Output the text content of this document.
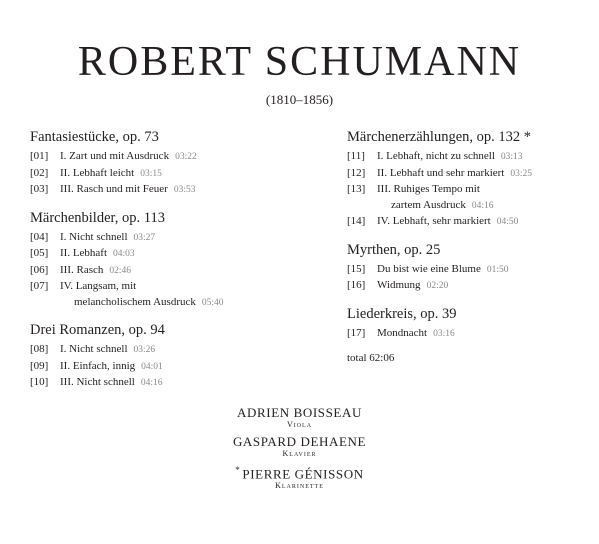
ROBERT SCHUMANN
(1810–1856)
Fantasiestücke, op. 73
[01]	I. Zart und mit Ausdruck 03:22
[02]	II. Lebhaft leicht 03:15
[03]	III. Rasch und mit Feuer 03:53
Märchenbilder, op. 113
[04]	I. Nicht schnell 03:27
[05]	II. Lebhaft 04:03
[06]	III. Rasch 02:46
[07]	IV. Langsam, mit
melancholischem Ausdruck 05:40
Drei Romanzen, op. 94
[08]	I. Nicht schnell 03:26
[09]	II. Einfach, innig 04:01
[10]	III. Nicht schnell 04:16
Märchenerzählungen, op. 132 *
[11]	I. Lebhaft, nicht zu schnell 03:13
[12]	II. Lebhaft und sehr markiert 03:25
[13]	III. Ruhiges Tempo mit
zartem Ausdruck 04:16
[14]	IV. Lebhaft, sehr markiert 04:50
Myrthen, op. 25
[15]	Du bist wie eine Blume 01:50
[16]	Widmung 02:20
Liederkreis, op. 39
[17]	Mondnacht 03:16
total 62:06
ADRIEN BOISSEAU
Viola
GASPARD DEHAENE
Klavier
* PIERRE GÉNISSON
Klarinette
